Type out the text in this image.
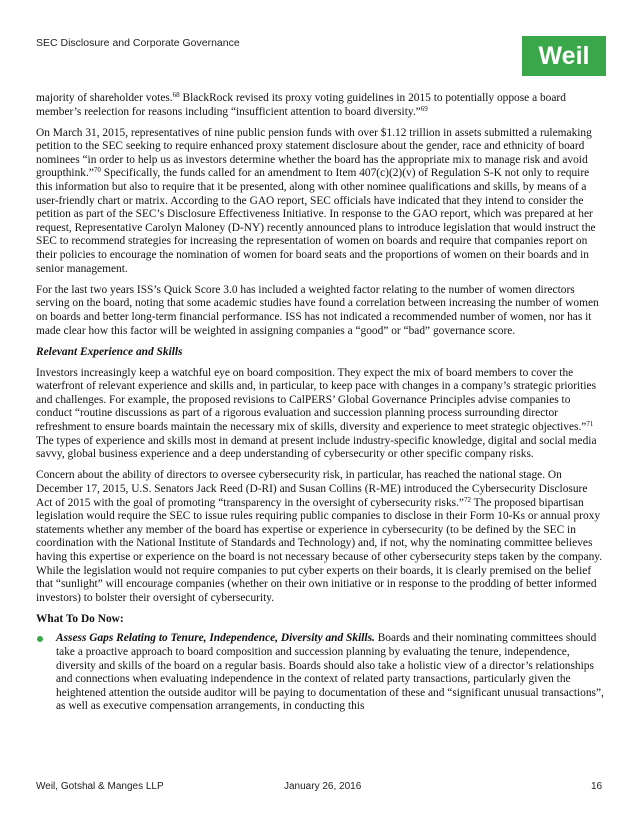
SEC Disclosure and Corporate Governance	Weil

majority of shareholder votes.$^{68}$ BlackRock revised its proxy voting guidelines in 2015 to potentially oppose a board member’s reelection for reasons including “insufficient attention to board diversity.”$^{69}$

On March 31, 2015, representatives of nine public pension funds with over $1.12 trillion in assets submitted a rulemaking petition to the SEC seeking to require enhanced proxy statement disclosure about the gender, race and ethnicity of board nominees “in order to help us as investors determine whether the board has the appropriate mix to manage risk and avoid groupthink.”$^{70}$ Specifically, the funds called for an amendment to Item 407(c)(2)(v) of Regulation S-K not only to require this information but also to require that it be presented, along with other nominee qualifications and skills, by means of a user-friendly chart or matrix. According to the GAO report, SEC officials have indicated that they intend to consider the petition as part of the SEC’s Disclosure Effectiveness Initiative. In response to the GAO report, which was prepared at her request, Representative Carolyn Maloney (D-NY) recently announced plans to introduce legislation that would instruct the SEC to recommend strategies for increasing the representation of women on boards and require that companies report on their policies to encourage the nomination of women for board seats and the proportions of women on their boards and in senior management.

For the last two years ISS’s Quick Score 3.0 has included a weighted factor relating to the number of women directors serving on the board, noting that some academic studies have found a correlation between increasing the number of women on boards and better long-term financial performance. ISS has not indicated a recommended number of women, nor has it made clear how this factor will be weighted in assigning companies a “good” or “bad” governance score.

Relevant Experience and Skills

Investors increasingly keep a watchful eye on board composition. They expect the mix of board members to cover the waterfront of relevant experience and skills and, in particular, to keep pace with changes in a company’s strategic priorities and challenges. For example, the proposed revisions to CalPERS’ Global Governance Principles advise companies to conduct “routine discussions as part of a rigorous evaluation and succession planning process surrounding director refreshment to ensure boards maintain the necessary mix of skills, diversity and experience to meet strategic objectives.”$^{71}$ The types of experience and skills most in demand at present include industry-specific knowledge, digital and social media savvy, global business experience and a deep understanding of cybersecurity or other specific company risks.

Concern about the ability of directors to oversee cybersecurity risk, in particular, has reached the national stage. On December 17, 2015, U.S. Senators Jack Reed (D-RI) and Susan Collins (R-ME) introduced the Cybersecurity Disclosure Act of 2015 with the goal of promoting “transparency in the oversight of cybersecurity risks.”$^{72}$ The proposed bipartisan legislation would require the SEC to issue rules requiring public companies to disclose in their Form 10-Ks or annual proxy statements whether any member of the board has expertise or experience in cybersecurity (to be defined by the SEC in coordination with the National Institute of Standards and Technology) and, if not, why the nominating committee believes having this expertise or experience on the board is not necessary because of other cybersecurity steps taken by the company. While the legislation would not require companies to put cyber experts on their boards, it is clearly premised on the belief that “sunlight” will encourage companies (whether on their own initiative or in response to the prodding of better informed investors) to bolster their oversight of cybersecurity.

What To Do Now:

Assess Gaps Relating to Tenure, Independence, Diversity and Skills. Boards and their nominating committees should take a proactive approach to board composition and succession planning by evaluating the tenure, independence, diversity and skills of the board on a regular basis. Boards should also take a holistic view of a director’s relationships and connections when evaluating independence in the context of related party transactions, particularly given the heightened attention the outside auditor will be paying to documentation of these and “significant unusual transactions”, as well as executive compensation arrangements, in conducting this
Weil, Gotshal & Manges LLP	January 26, 2016	16
